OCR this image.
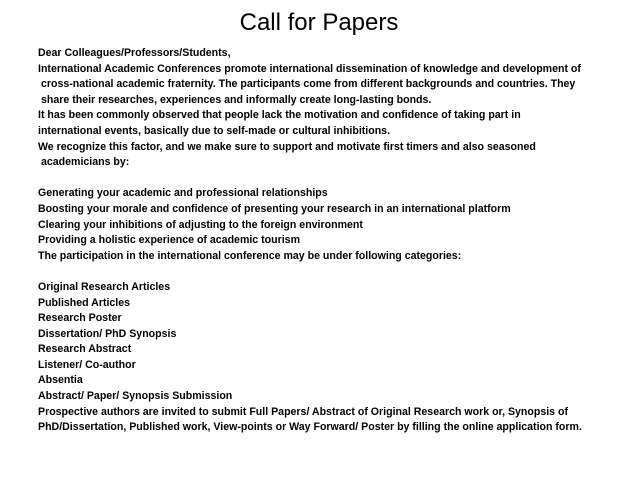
Call for Papers
Dear Colleagues/Professors/Students,
International Academic Conferences promote international dissemination of knowledge and development of
cross-national academic fraternity. The participants come from different backgrounds and countries. They
share their researches, experiences and informally create long-lasting bonds.
It has been commonly observed that people lack the motivation and confidence of taking part in
international events, basically due to self-made or cultural inhibitions.
We recognize this factor, and we make sure to support and motivate first timers and also seasoned
academicians by:
Generating your academic and professional relationships
Boosting your morale and confidence of presenting your research in an international platform
Clearing your inhibitions of adjusting to the foreign environment
Providing a holistic experience of academic tourism
The participation in the international conference may be under following categories:
Original Research Articles
Published Articles
Research Poster
Dissertation/ PhD Synopsis
Research Abstract
Listener/ Co-author
Absentia
Abstract/ Paper/ Synopsis Submission
Prospective authors are invited to submit Full Papers/ Abstract of Original Research work or, Synopsis of
PhD/Dissertation, Published work, View-points or Way Forward/ Poster by filling the online application form.
